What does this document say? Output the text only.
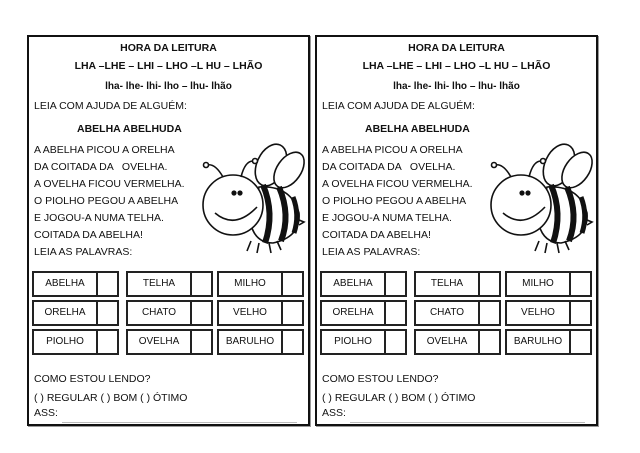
HORA DA LEITURA
LHA –LHE – LHI – LHO –L HU – LHÃO
lha- lhe- lhi- lho – lhu- lhão
LEIA COM AJUDA DE ALGUÉM:
ABELHA ABELHUDA
A ABELHA PICOU A ORELHA
DA COITADA DA   OVELHA.
A OVELHA FICOU VERMELHA.
O PIOLHO PEGOU A ABELHA
E JOGOU-A NUMA TELHA.
COITADA DA ABELHA!
LEIA AS PALAVRAS:
ABELHA	TELHA	MILHO
ORELHA	CHATO	VELHO
PIOLHO	OVELHA	BARULHO
COMO ESTOU LENDO?
( ) REGULAR ( ) BOM ( ) ÓTIMO
ASS:
HORA DA LEITURA
LHA –LHE – LHI – LHO –L HU – LHÃO
lha- lhe- lhi- lho – lhu- lhão
LEIA COM AJUDA DE ALGUÉM:
ABELHA ABELHUDA
A ABELHA PICOU A ORELHA
DA COITADA DA   OVELHA.
A OVELHA FICOU VERMELHA.
O PIOLHO PEGOU A ABELHA
E JOGOU-A NUMA TELHA.
COITADA DA ABELHA!
LEIA AS PALAVRAS:
ABELHA	TELHA	MILHO
ORELHA	CHATO	VELHO
PIOLHO	OVELHA	BARULHO
COMO ESTOU LENDO?
( ) REGULAR ( ) BOM ( ) ÓTIMO
ASS:
